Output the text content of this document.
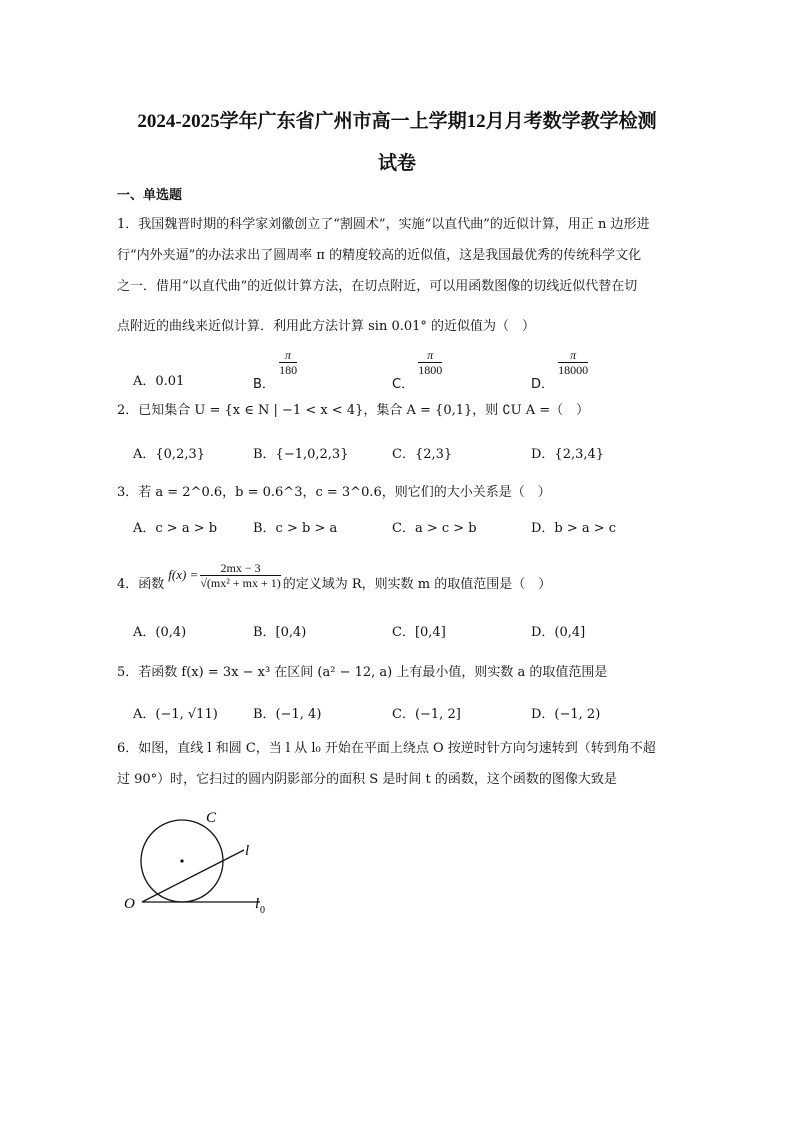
2024-2025学年广东省广州市高一上学期12月月考数学教学检测
试卷
一、单选题
1．我国魏晋时期的科学家刘徽创立了“割圆术”，实施“以直代曲”的近似计算，用正 n 边形进
行“内外夹逼”的办法求出了圆周率 π 的精度较高的近似值，这是我国最优秀的传统科学文化
之一．借用“以直代曲”的近似计算方法，在切点附近，可以用函数图像的切线近似代替在切
点附近的曲线来近似计算．利用此方法计算 sin 0.01° 的近似值为（　）
A．0.01	B．
$\frac{\pi}{180}$
C．
$\frac{\pi}{1800}$
D．
$\frac{\pi}{18000}$
2．已知集合 U = {x ∈ N | −1 < x < 4}，集合 A = {0,1}，则 ∁U A =（　）
A．{0,2,3}	B．{−1,0,2,3}	C．{2,3}	D．{2,3,4}
3．若 a = 2^0.6，b = 0.6^3，c = 3^0.6，则它们的大小关系是（　）
A．c > a > b	B．c > b > a	C．a > c > b	D．b > a > c
4．函数
$f(x) = \frac{2mx - 3}{\text{√(mx² + mx + 1)}}$ 的定义域为 R，则实数 m 的取值范围是（　）
A．(0,4)	B．[0,4)	C．[0,4]	D．(0,4]
5．若函数 f(x) = 3x − x³ 在区间 (a² − 12, a) 上有最小值，则实数 a 的取值范围是
A．(−1, √11)	B．(−1, 4)	C．(−1, 2]	D．(−1, 2)
6．如图，直线 l 和圆 C，当 l 从 l₀ 开始在平面上绕点 O 按逆时针方向匀速转到（转到角不超
过 90°）时，它扫过的圆内阴影部分的面积 S 是时间 t 的函数，这个函数的图像大致是
C
l
O	l 0
